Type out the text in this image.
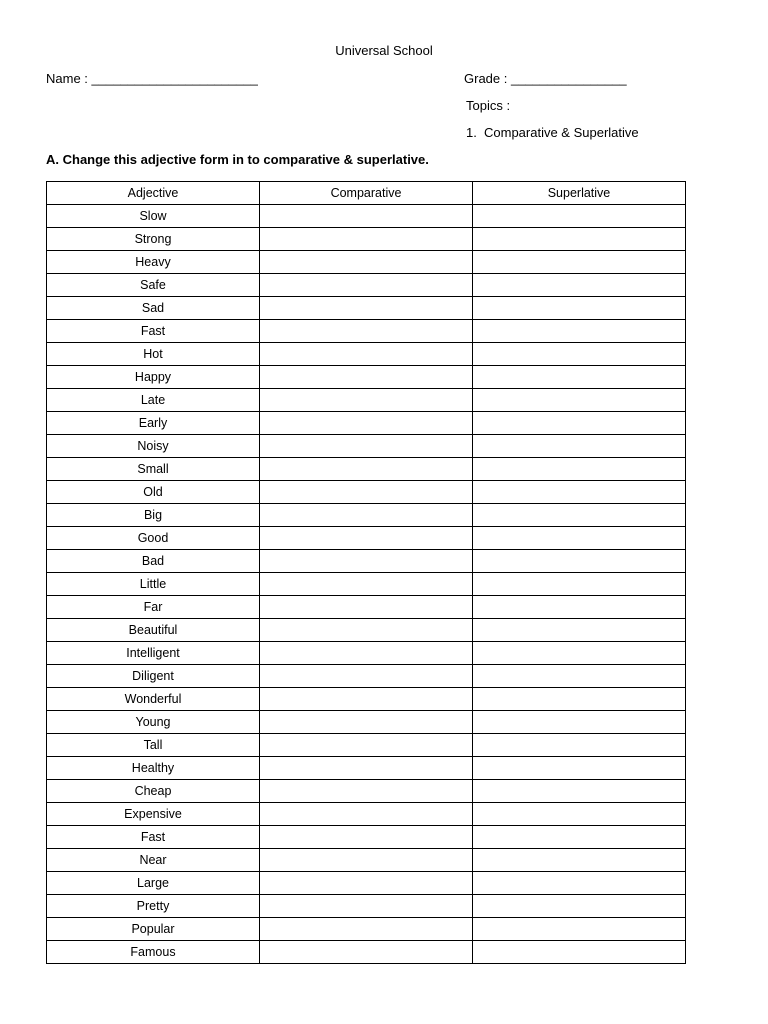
Universal School
Name : _______________________	Grade : ________________
Topics :
1. Comparative & Superlative
A. Change this adjective form in to comparative & superlative.
Adjective	Comparative	Superlative
Slow		
Strong		
Heavy		
Safe		
Sad		
Fast		
Hot		
Happy		
Late		
Early		
Noisy		
Small		
Old		
Big		
Good		
Bad		
Little		
Far		
Beautiful		
Intelligent		
Diligent		
Wonderful		
Young		
Tall		
Healthy		
Cheap		
Expensive		
Fast		
Near		
Large		
Pretty		
Popular		
Famous		
